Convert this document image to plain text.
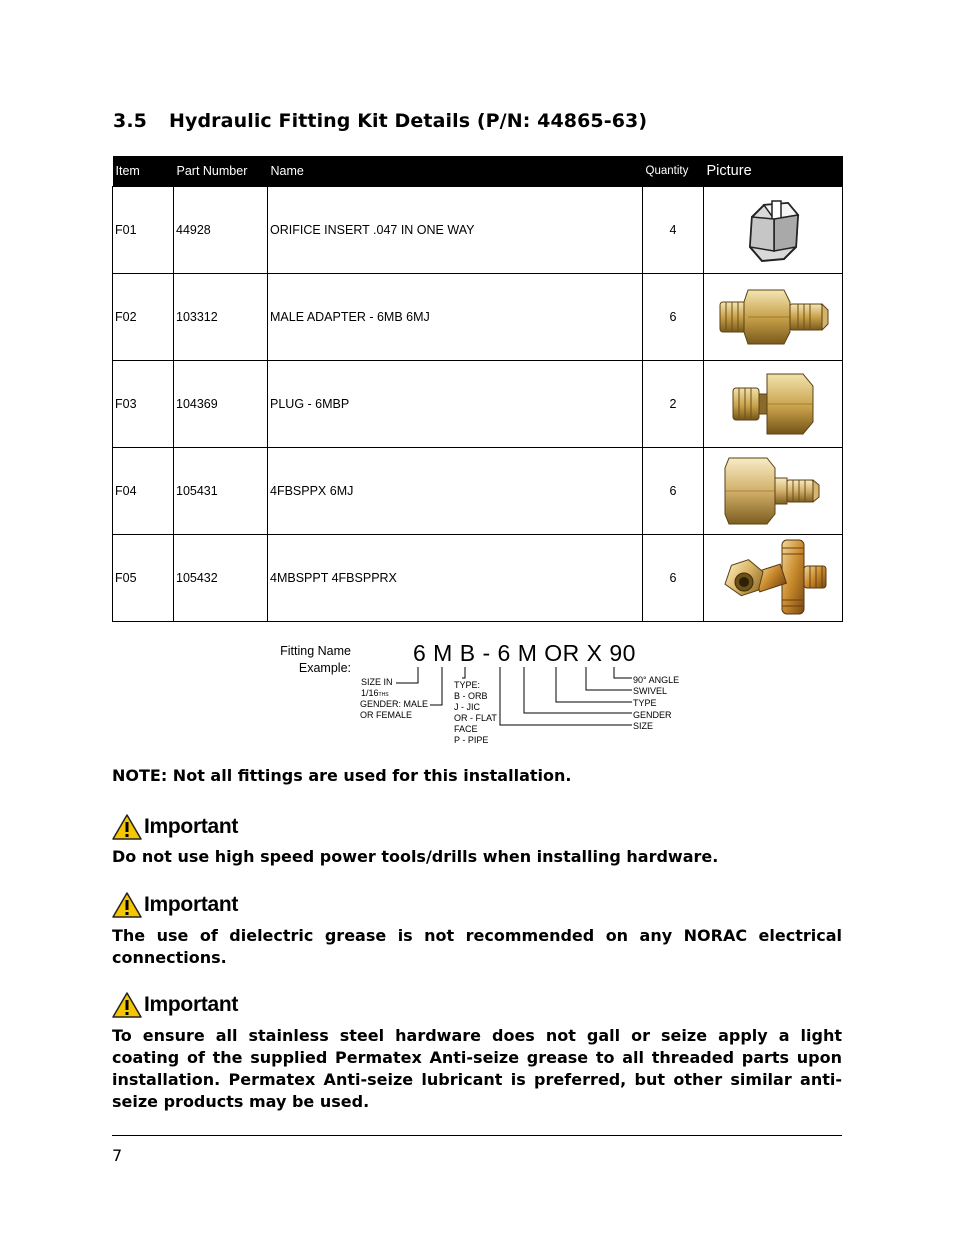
3.5 Hydraulic Fitting Kit Details (P/N: 44865-63)
Item	Part Number	Name	Quantity	Picture
F01	44928	ORIFICE INSERT .047 IN ONE WAY	4	

F02	103312	MALE ADAPTER - 6MB 6MJ	6	

F03	104369	PLUG - 6MBP	2	

F04	105431	4FBSPPX 6MJ	6	

F05	105432	4MBSPPT 4FBSPPRX	6	
Fitting Name
Example:
6 M B - 6 M OR X 90
SIZE IN
1/16THS
GENDER: MALE
OR FEMALE
TYPE:
B - ORB
J - JIC
OR - FLAT
FACE
P - PIPE
90° ANGLE
SWIVEL
TYPE
GENDER
SIZE
NOTE: Not all fittings are used for this installation.
Important
Do not use high speed power tools/drills when installing hardware.
Important
The use of dielectric grease is not recommended on any NORAC electrical connections.
Important
To ensure all stainless steel hardware does not gall or seize apply a light coating of the supplied Permatex Anti-seize grease to all threaded parts upon installation. Permatex Anti-seize lubricant is preferred, but other similar anti-seize products may be used.
7
